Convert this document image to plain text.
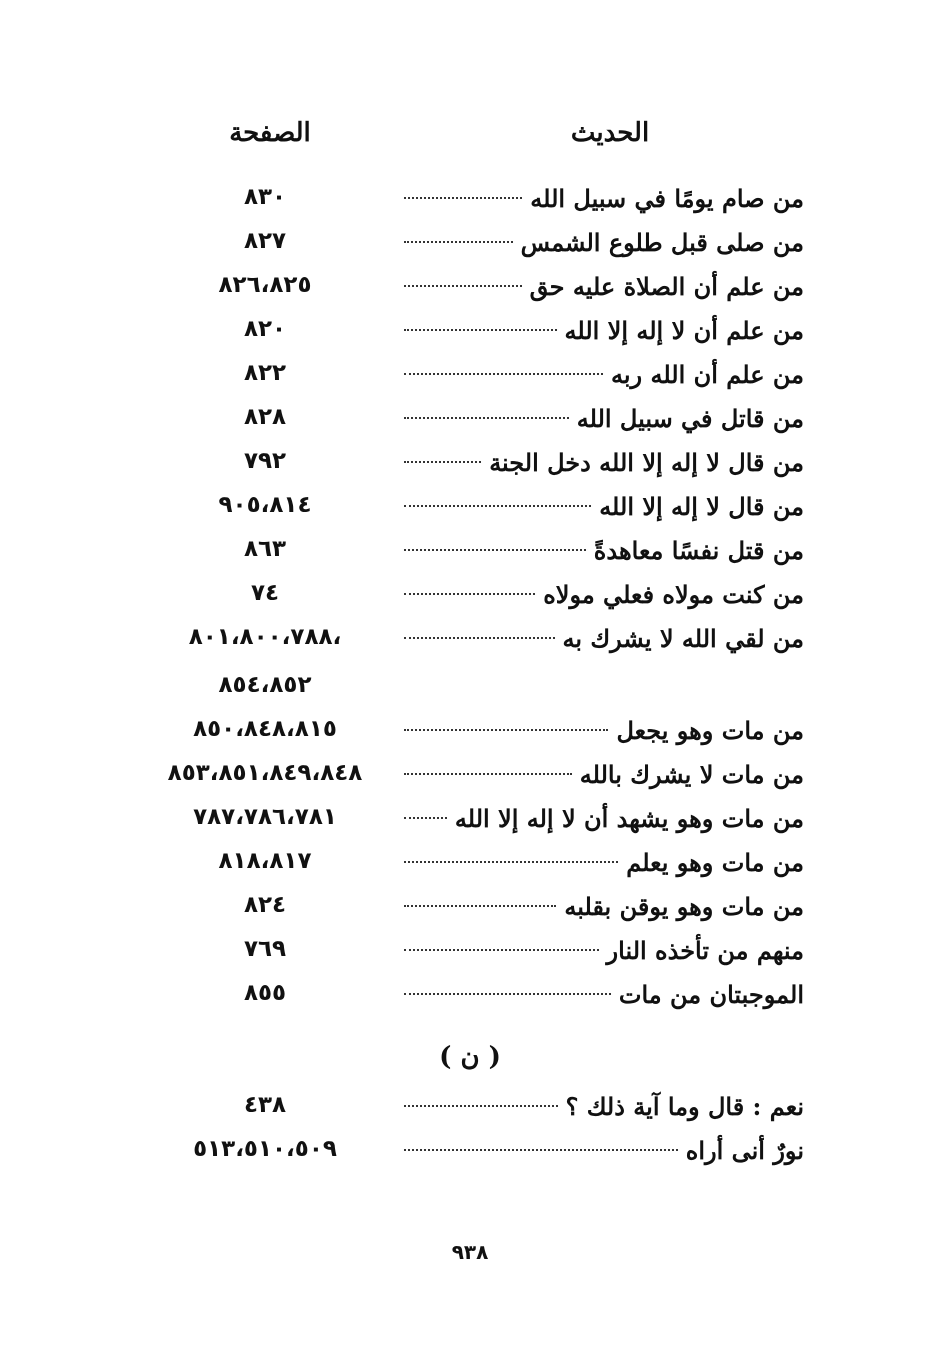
الحديث
الصفحة
من صام يومًا في سبيل الله
٨٣٠
من صلى قبل طلوع الشمس
٨٢٧
من علم أن الصلاة عليه حق
٨٢٦،٨٢٥
من علم أن لا إله إلا الله
٨٢٠
من علم أن الله ربه
٨٢٢
من قاتل في سبيل الله
٨٢٨
من قال لا إله إلا الله دخل الجنة
٧٩٢
من قال لا إله إلا الله
٩٠٥،٨١٤
من قتل نفسًا معاهدةً
٨٦٣
من كنت مولاه فعلي مولاه
٧٤
من لقي الله لا يشرك به
،٨٠١،٨٠٠،٧٨٨
٨٥٤،٨٥٢
من مات وهو يجعل
٨٥٠،٨٤٨،٨١٥
من مات لا يشرك بالله
٨٥٣،٨٥١،٨٤٩،٨٤٨
من مات وهو يشهد أن لا إله إلا الله
٧٨٧،٧٨٦،٧٨١
من مات وهو يعلم
٨١٨،٨١٧
من مات وهو يوقن بقلبه
٨٢٤
منهم من تأخذه النار
٧٦٩
الموجبتان من مات
٨٥٥
( ن )
نعم : قال وما آية ذلك ؟
٤٣٨
نورٌ أنى أراه
٥١٣،٥١٠،٥٠٩
٩٣٨
